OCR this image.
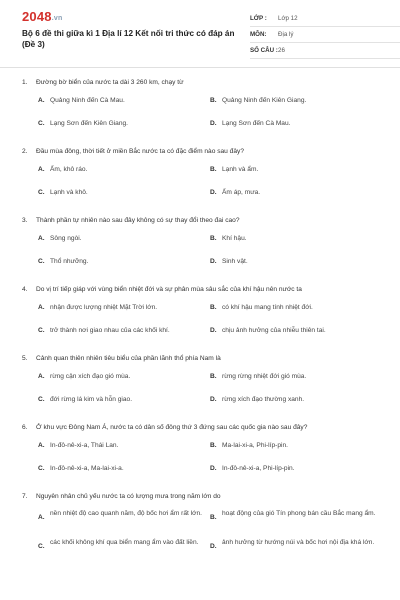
2048.vn
Bộ 6 đề thi giữa kì 1 Địa lí 12 Kết nối tri thức có đáp án (Đề 3)
LỚP :	Lớp 12
MÔN:	Địa lý
SỐ CÂU : 26
1.	Đường bờ biển của nước ta dài 3 260 km, chạy từ
A. Quảng Ninh đến Cà Mau.	B. Quảng Ninh đến Kiên Giang.
C. Lạng Sơn đến Kiên Giang.	D. Lạng Sơn đến Cà Mau.
2.	Đầu mùa đông, thời tiết ở miền Bắc nước ta có đặc điểm nào sau đây?
A. Ấm, khô ráo.	B. Lạnh và ẩm.
C. Lạnh và khô.	D. Ấm áp, mưa.
3.	Thành phần tự nhiên nào sau đây không có sự thay đổi theo đai cao?
A. Sông ngòi.	B. Khí hậu.
C. Thổ nhưỡng.	D. Sinh vật.
4.	Do vị trí tiếp giáp với vùng biển nhiệt đới và sự phân mùa sâu sắc của khí hậu nên nước ta
A. nhận được lượng nhiệt Mặt Trời lớn.	B. có khí hậu mang tính nhiệt đới.
C. trở thành nơi giao nhau của các khối khí.	D. chịu ảnh hưởng của nhiễu thiên tai.
5.	Cảnh quan thiên nhiên tiêu biểu của phần lãnh thổ phía Nam là
A. rừng cận xích đạo gió mùa.	B. rừng rừng nhiệt đới gió mùa.
C. đới rừng lá kim và hỗn giao.	D. rừng xích đạo thường xanh.
6.	Ở khu vực Đông Nam Á, nước ta có dân số đông thứ 3 đứng sau các quốc gia nào sau đây?
A. In-đô-nê-xi-a, Thái Lan.	B. Ma-lai-xi-a, Phi-líp-pin.
C. In-đô-nê-xi-a, Ma-lai-xi-a.	D. In-đô-nê-xi-a, Phi-líp-pin.
7.	Nguyên nhân chủ yếu nước ta có lượng mưa trong năm lớn do
A.
nền nhiệt độ cao quanh năm, độ bốc hơi ẩm rất lớn.
B.
hoạt động của gió Tín phong bán cầu Bắc mang ẩm.
C.
các khối không khí qua biển mang ẩm vào đất liền.
D.
ảnh hưởng từ hướng núi và bốc hơi nội địa khá lớn.
